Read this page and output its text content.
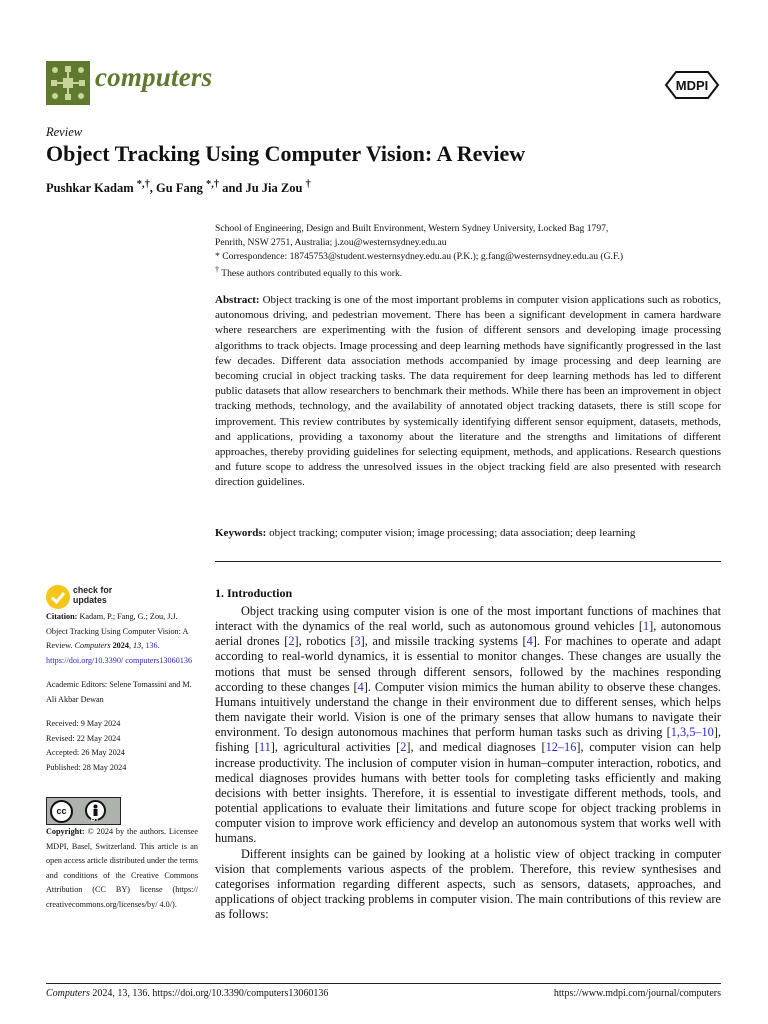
computers	MDPI
Review
Object Tracking Using Computer Vision: A Review
Pushkar Kadam *,†, Gu Fang *,† and Ju Jia Zou †
School of Engineering, Design and Built Environment, Western Sydney University, Locked Bag 1797,
Penrith, NSW 2751, Australia; j.zou@westernsydney.edu.au
* Correspondence: 18745753@student.westernsydney.edu.au (P.K.); g.fang@westernsydney.edu.au (G.F.)
† These authors contributed equally to this work.
Abstract: Object tracking is one of the most important problems in computer vision applications such as robotics, autonomous driving, and pedestrian movement. There has been a significant development in camera hardware where researchers are experimenting with the fusion of different sensors and developing image processing algorithms to track objects. Image processing and deep learning methods have significantly progressed in the last few decades. Different data association methods accompanied by image processing and deep learning are becoming crucial in object tracking tasks. The data requirement for deep learning methods has led to different public datasets that allow researchers to benchmark their methods. While there has been an improvement in object tracking methods, technology, and the availability of annotated object tracking datasets, there is still scope for improvement. This review contributes by systemically identifying different sensor equipment, datasets, methods, and applications, providing a taxonomy about the literature and the strengths and limitations of different approaches, thereby providing guidelines for selecting equipment, methods, and applications. Research questions and future scope to address the unresolved issues in the object tracking field are also presented with research direction guidelines.
Keywords: object tracking; computer vision; image processing; data association; deep learning
check for
updates

Citation: Kadam, P.; Fang, G.; Zou, J.J. Object Tracking Using Computer Vision: A Review. Computers 2024, 13, 136. https://doi.org/10.3390/ computers13060136

Academic Editors: Selene Tomassini and M. Ali Akbar Dewan

Received: 9 May 2024

Revised: 22 May 2024

Accepted: 26 May 2024

Published: 28 May 2024

cc
BY
Copyright: © 2024 by the authors. Licensee MDPI, Basel, Switzerland. This article is an open access article distributed under the terms and conditions of the Creative Commons Attribution (CC BY) license (https:// creativecommons.org/licenses/by/ 4.0/).
1. Introduction

Object tracking using computer vision is one of the most important functions of machines that interact with the dynamics of the real world, such as autonomous ground vehicles [1], autonomous aerial drones [2], robotics [3], and missile tracking systems [4]. For machines to operate and adapt according to real-world dynamics, it is essential to monitor changes. These changes are usually the motions that must be sensed through different sensors, followed by the machines responding according to these changes [4]. Computer vision mimics the human ability to observe these changes. Humans intuitively understand the change in their environment due to different senses, which helps them navigate their world. Vision is one of the primary senses that allow humans to navigate their environment. To design autonomous machines that perform human tasks such as driving [1,3,5–10], fishing [11], agricultural activities [2], and medical diagnoses [12–16], computer vision can help increase productivity. The inclusion of computer vision in human–computer interaction, robotics, and medical diagnoses provides humans with better tools for completing tasks efficiently and making decisions with better insights. Therefore, it is essential to investigate different methods, tools, and potential applications to evaluate their limitations and future scope for object tracking problems in computer vision to improve work efficiency and develop an autonomous system that works well with humans.

Different insights can be gained by looking at a holistic view of object tracking in computer vision that complements various aspects of the problem. Therefore, this review synthesises and categorises information regarding different aspects, such as sensors, datasets, approaches, and applications of object tracking problems in computer vision. The main contributions of this review are as follows:

Computers 2024, 13, 136. https://doi.org/10.3390/computers13060136	https://www.mdpi.com/journal/computers
